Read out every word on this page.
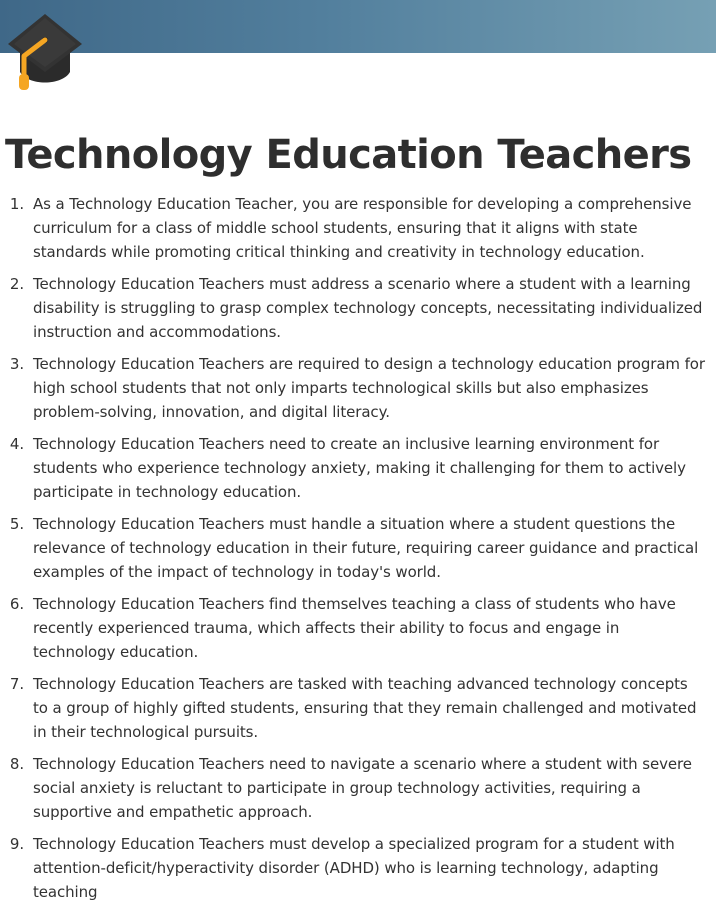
Technology Education Teachers
1. As a Technology Education Teacher, you are responsible for developing a comprehensive curriculum for a class of middle school students, ensuring that it aligns with state standards while promoting critical thinking and creativity in technology education.
2. Technology Education Teachers must address a scenario where a student with a learning disability is struggling to grasp complex technology concepts, necessitating individualized instruction and accommodations.
3. Technology Education Teachers are required to design a technology education program for high school students that not only imparts technological skills but also emphasizes problem-solving, innovation, and digital literacy.
4. Technology Education Teachers need to create an inclusive learning environment for students who experience technology anxiety, making it challenging for them to actively participate in technology education.
5. Technology Education Teachers must handle a situation where a student questions the relevance of technology education in their future, requiring career guidance and practical examples of the impact of technology in today's world.
6. Technology Education Teachers find themselves teaching a class of students who have recently experienced trauma, which affects their ability to focus and engage in technology education.
7. Technology Education Teachers are tasked with teaching advanced technology concepts to a group of highly gifted students, ensuring that they remain challenged and motivated in their technological pursuits.
8. Technology Education Teachers need to navigate a scenario where a student with severe social anxiety is reluctant to participate in group technology activities, requiring a supportive and empathetic approach.
9. Technology Education Teachers must develop a specialized program for a student with attention-deficit/hyperactivity disorder (ADHD) who is learning technology, adapting teaching
